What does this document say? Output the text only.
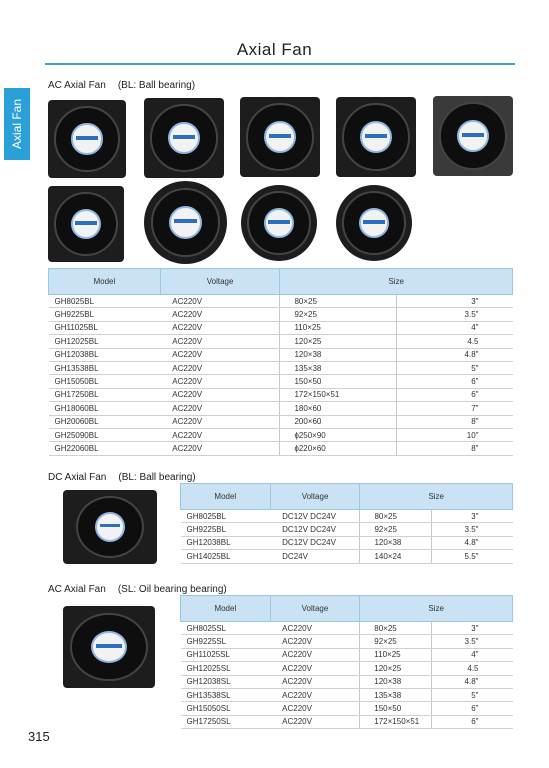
Axial Fan
Axial Fan
AC Axial Fan (BL: Ball bearing)
Model	Voltage	Size	
GH8025BL	AC220V	80×25	3"
GH9225BL	AC220V	92×25	3.5"
GH11025BL	AC220V	110×25	4"
GH12025BL	AC220V	120×25	4.5
GH12038BL	AC220V	120×38	4.8"
GH13538BL	AC220V	135×38	5"
GH15050BL	AC220V	150×50	6"
GH17250BL	AC220V	172×150×51	6"
GH18060BL	AC220V	180×60	7"
GH20060BL	AC220V	200×60	8"
GH25090BL	AC220V	ɸ250×90	10"
GH22060BL	AC220V	ɸ220×60	8"
DC Axial Fan (BL: Ball bearing)
Model	Voltage	Size	
GH8025BL	DC12V DC24V	80×25	3"
GH9225BL	DC12V DC24V	92×25	3.5"
GH12038BL	DC12V DC24V	120×38	4.8"
GH14025BL	DC24V	140×24	5.5"
AC Axial Fan (SL: Oil bearing bearing)
Model	Voltage	Size	
GH8025SL	AC220V	80×25	3"
GH9225SL	AC220V	92×25	3.5"
GH11025SL	AC220V	110×25	4"
GH12025SL	AC220V	120×25	4.5
GH12038SL	AC220V	120×38	4.8"
GH13538SL	AC220V	135×38	5"
GH15050SL	AC220V	150×50	6"
GH17250SL	AC220V	172×150×51	6"
315
